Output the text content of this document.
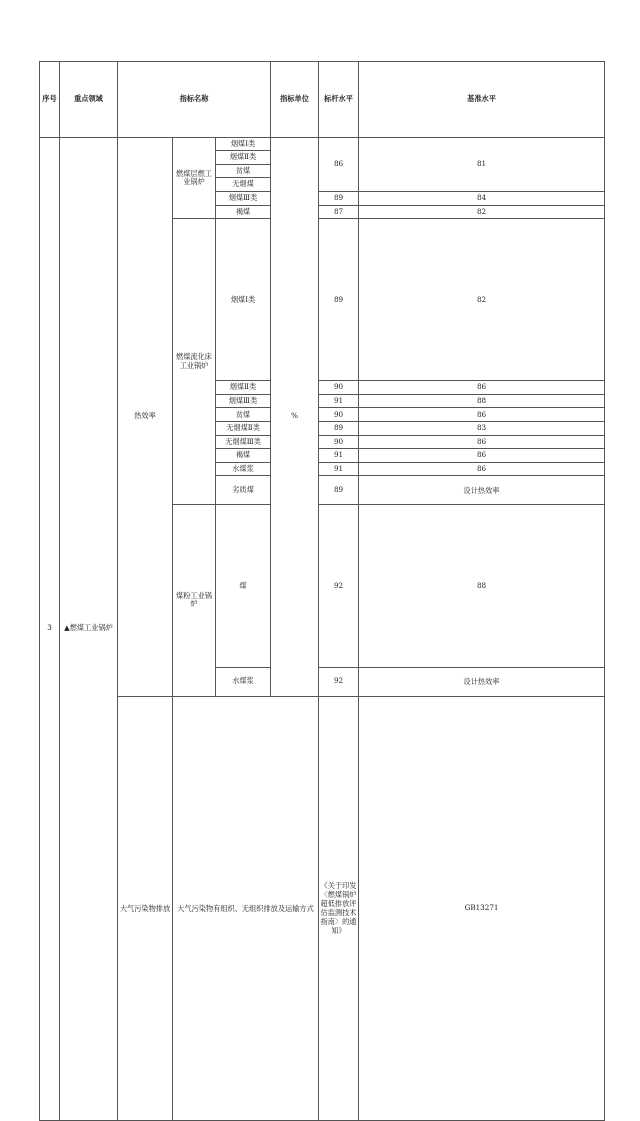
序号	重点领域	指标名称			指标单位	标杆水平	基准水平	
3	▲燃煤工业锅炉	热效率	燃煤层燃工业锅炉	烟煤Ⅰ类	%	86	81	

				烟煤Ⅱ类				
				贫煤				
				无烟煤				
				烟煤Ⅲ类		89	84	
				褐煤		87	82	
			燃煤流化床工业锅炉	烟煤Ⅰ类		89	82	
				烟煤Ⅱ类		90	86	
				烟煤Ⅲ类		91	88	
				贫煤		90	86	
				无烟煤Ⅱ类		89	83	
				无烟煤Ⅲ类		90	86	
				褐煤		91	86	
				水煤浆		91	86	
				劣质煤		89	设计热效率	
			煤粉工业锅炉	煤		92	88	
				水煤浆		92	设计热效率	
		大气污染物排放	大气污染物有组织、无组织排放及运输方式			《关于印发〈燃煤锅炉超低排放评估监测技术指南〉的通知》	GB13271	
